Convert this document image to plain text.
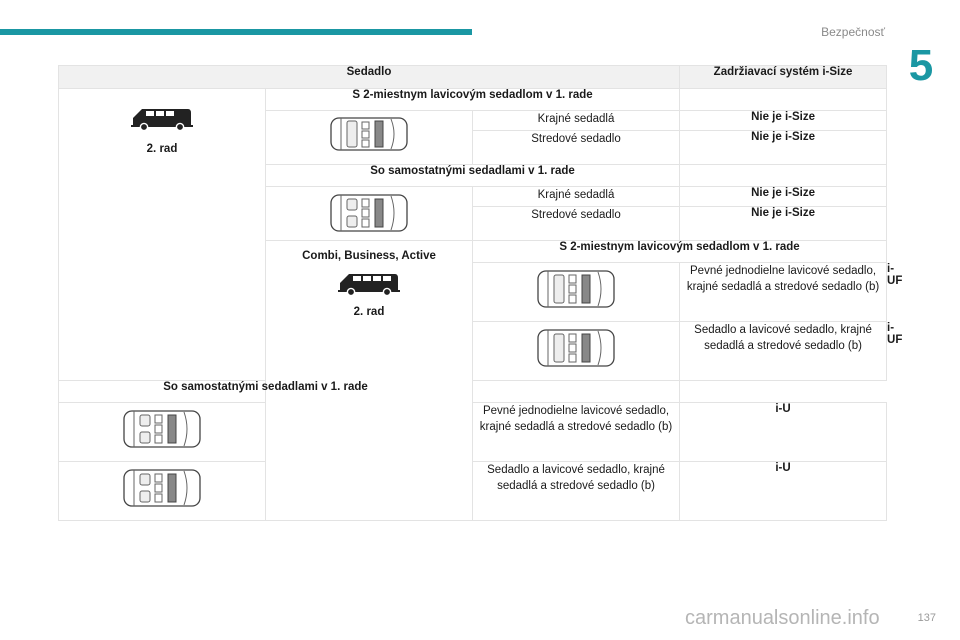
Bezpečnosť
5
Sedadlo			Zadržiavací systém i-Size	

2. rad	S 2-miestnym lavicovým sedadlom v 1. rade			

	Krajné sedadlá	Nie je i-Size	
		Stredové sedadlo	Nie je i-Size	
	So samostatnými sedadlami v 1. rade			

	Krajné sedadlá	Nie je i-Size	
		Stredové sedadlo	Nie je i-Size	

	Combi, Business, Active
2. rad	S 2-miestnym lavicovým sedadlom v 1. rade		

	Pevné jednodielne lavicové sedadlo, krajné sedadlá a stredové sedadlo (b)	i-UF

	Sedadlo a lavicové sedadlo, krajné sedadlá a stredové sedadlo (b)	i-UF
So samostatnými sedadlami v 1. rade				

	Pevné jednodielne lavicové sedadlo, krajné sedadlá a stredové sedadlo (b)	i-U	

	Sedadlo a lavicové sedadlo, krajné sedadlá a stredové sedadlo (b)	i-U	
carmanualsonline.info	137
